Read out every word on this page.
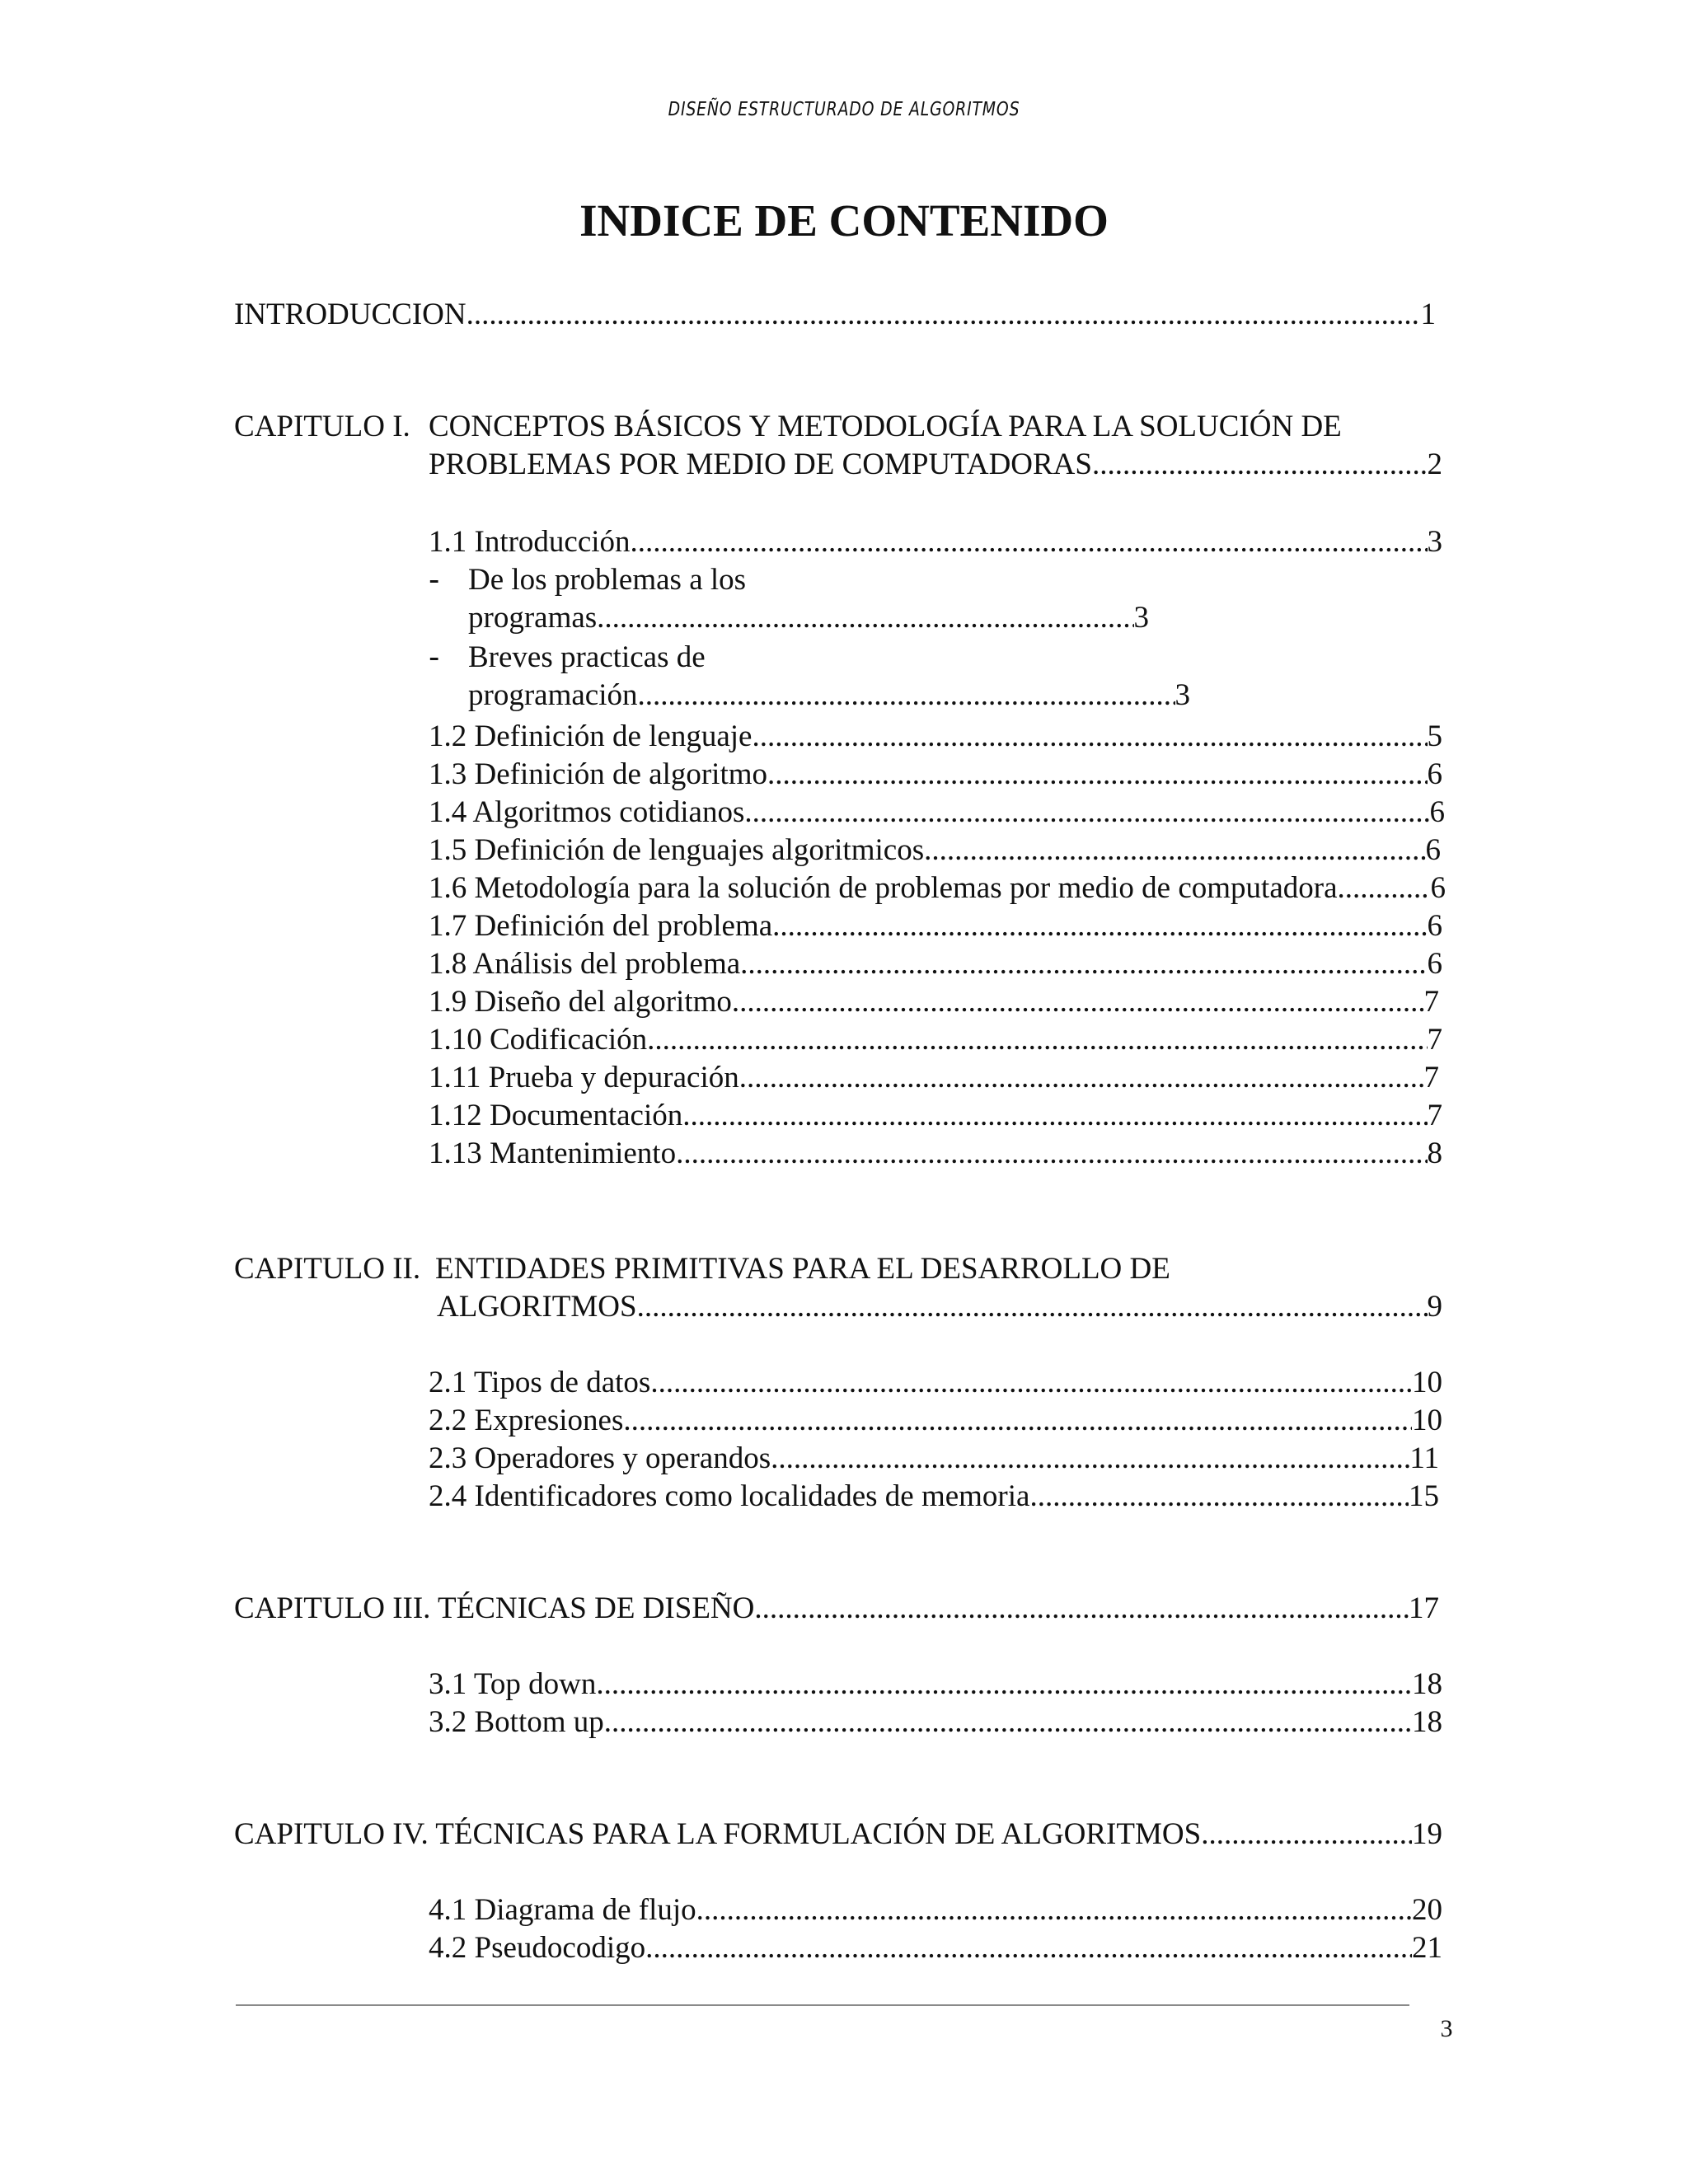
DISEÑO ESTRUCTURADO DE ALGORITMOS
INDICE DE CONTENIDO
INTRODUCCION .....	1
CAPITULO I. CONCEPTOS BÁSICOS Y METODOLOGÍA PARA LA SOLUCIÓN DE
PROBLEMAS POR MEDIO DE COMPUTADORAS .....	2
1.1 Introducción .....	3
- De los problemas a los
programas .....	3
- Breves practicas de
programación .....	3
1.2 Definición de lenguaje .....	5
1.3 Definición de algoritmo .....	6
1.4 Algoritmos cotidianos .....	6
1.5 Definición de lenguajes algoritmicos .....	6
1.6 Metodología para la solución de problemas por medio de computadora .....	6
1.7 Definición del problema .....	6
1.8 Análisis del problema .....	6
1.9 Diseño del algoritmo .....	7
1.10 Codificación .....	7
1.11 Prueba y depuración .....	7
1.12 Documentación .....	7
1.13 Mantenimiento .....	8
CAPITULO II. ENTIDADES PRIMITIVAS PARA EL DESARROLLO DE
ALGORITMOS .....	9
2.1 Tipos de datos .....	10
2.2 Expresiones .....	10
2.3 Operadores y operandos .....	11
2.4 Identificadores como localidades de memoria .....	15
CAPITULO III. TÉCNICAS DE DISEÑO .....	17
3.1 Top down .....	18
3.2 Bottom up .....	18
CAPITULO IV. TÉCNICAS PARA LA FORMULACIÓN DE ALGORITMOS .....	19
4.1 Diagrama de flujo .....	20
4.2 Pseudocodigo .....	21
3
